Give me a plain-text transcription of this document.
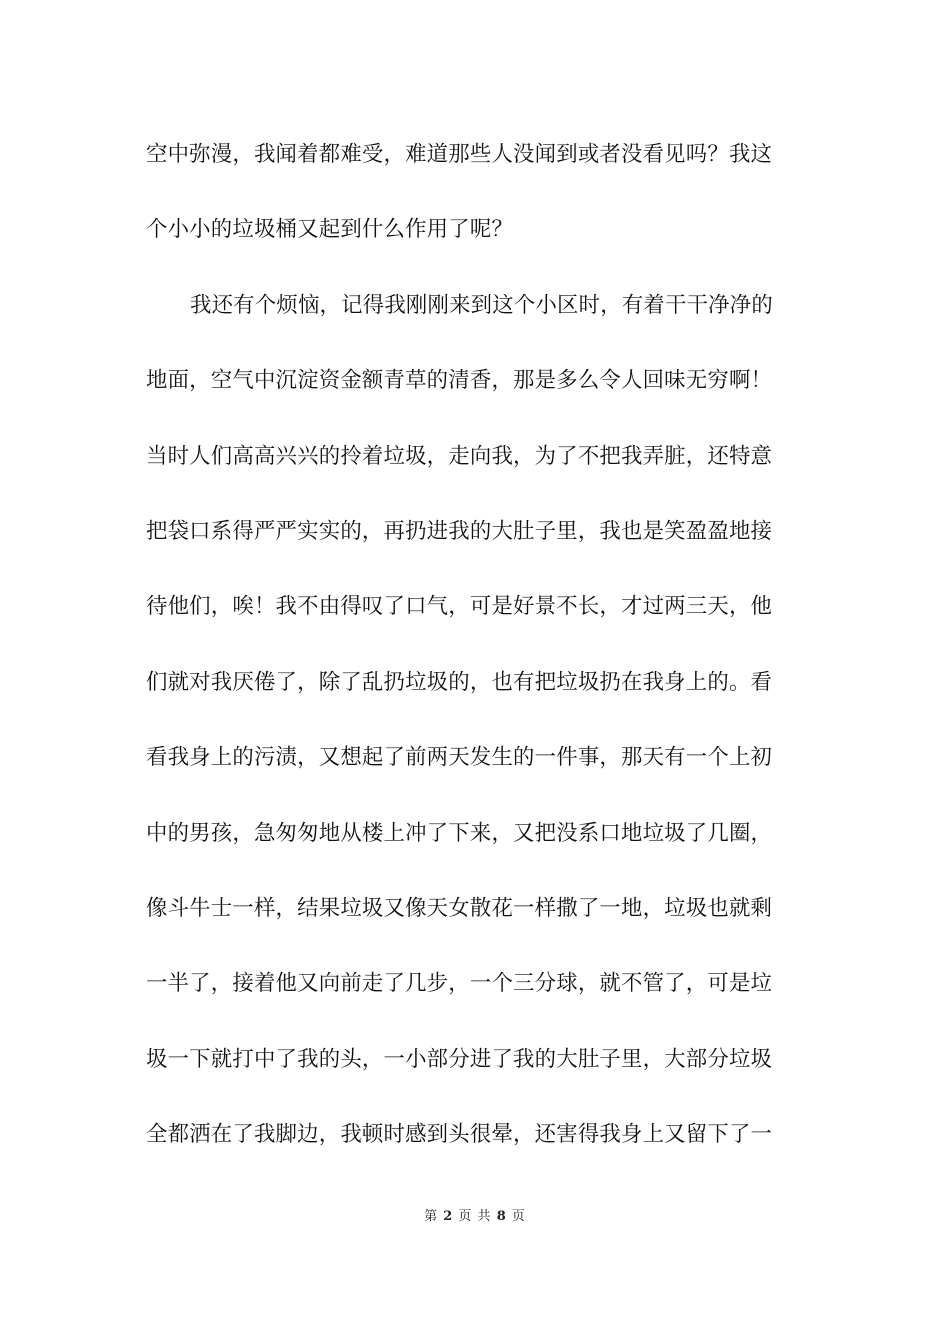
空中弥漫，我闻着都难受，难道那些人没闻到或者没看见吗？我这
个小小的垃圾桶又起到什么作用了呢？
我还有个烦恼，记得我刚刚来到这个小区时，有着干干净净的
地面，空气中沉淀资金额青草的清香，那是多么令人回味无穷啊！
当时人们高高兴兴的拎着垃圾，走向我，为了不把我弄脏，还特意
把袋口系得严严实实的，再扔进我的大肚子里，我也是笑盈盈地接
待他们，唉！我不由得叹了口气，可是好景不长，才过两三天，他
们就对我厌倦了，除了乱扔垃圾的，也有把垃圾扔在我身上的。看
看我身上的污渍，又想起了前两天发生的一件事，那天有一个上初
中的男孩，急匆匆地从楼上冲了下来，又把没系口地垃圾了几圈，
像斗牛士一样，结果垃圾又像天女散花一样撒了一地，垃圾也就剩
一半了，接着他又向前走了几步，一个三分球，就不管了，可是垃
圾一下就打中了我的头，一小部分进了我的大肚子里，大部分垃圾
全都洒在了我脚边，我顿时感到头很晕，还害得我身上又留下了一
第 2 页 共 8 页
